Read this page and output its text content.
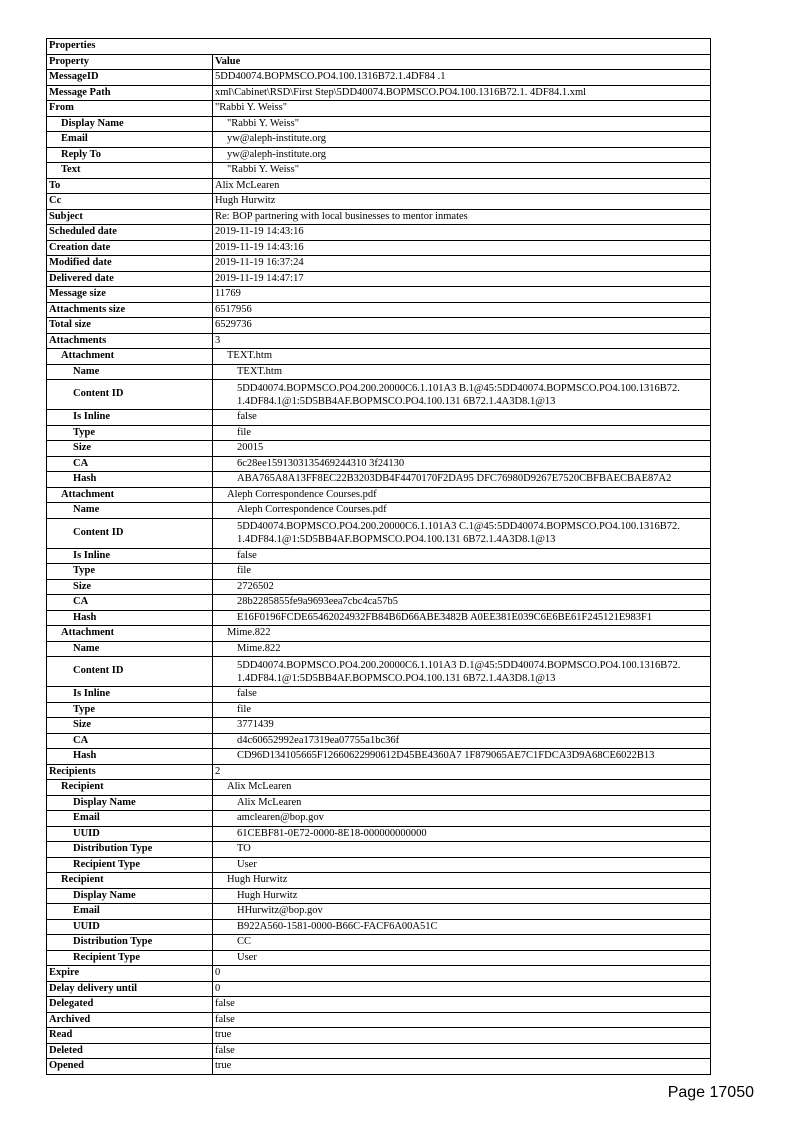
Properties	
Property	Value
MessageID	5DD40074.BOPMSCO.PO4.100.1316B72.1.4DF84 .1
Message Path	xml\Cabinet\RSD\First Step\5DD40074.BOPMSCO.PO4.100.1316B72.1. 4DF84.1.xml
From	"Rabbi Y. Weiss"
Display Name	"Rabbi Y. Weiss"
Email	yw@aleph-institute.org
Reply To	yw@aleph-institute.org
Text	"Rabbi Y. Weiss"
To	Alix McLearen
Cc	Hugh Hurwitz
Subject	Re: BOP partnering with local businesses to mentor inmates
Scheduled date	2019-11-19 14:43:16
Creation date	2019-11-19 14:43:16
Modified date	2019-11-19 16:37:24
Delivered date	2019-11-19 14:47:17
Message size	11769
Attachments size	6517956
Total size	6529736
Attachments	3
Attachment	TEXT.htm
Name	TEXT.htm
Content ID	5DD40074.BOPMSCO.PO4.200.20000C6.1.101A3 B.1@45:5DD40074.BOPMSCO.PO4.100.1316B72. 1.4DF84.1@1:5D5BB4AF.BOPMSCO.PO4.100.131 6B72.1.4A3D8.1@13
Is Inline	false
Type	file
Size	20015
CA	6c28ee1591303135469244310 3f24130
Hash	ABA765A8A13FF8EC22B3203DB4F4470170F2DA95 DFC76980D9267E7520CBFBAECBAE87A2
Attachment	Aleph Correspondence Courses.pdf
Name	Aleph Correspondence Courses.pdf
Content ID	5DD40074.BOPMSCO.PO4.200.20000C6.1.101A3 C.1@45:5DD40074.BOPMSCO.PO4.100.1316B72. 1.4DF84.1@1:5D5BB4AF.BOPMSCO.PO4.100.131 6B72.1.4A3D8.1@13
Is Inline	false
Type	file
Size	2726502
CA	28b2285855fe9a9693eea7cbc4ca57b5
Hash	E16F0196FCDE65462024932FB84B6D66ABE3482B A0EE381E039C6E6BE61F245121E983F1
Attachment	Mime.822
Name	Mime.822
Content ID	5DD40074.BOPMSCO.PO4.200.20000C6.1.101A3 D.1@45:5DD40074.BOPMSCO.PO4.100.1316B72. 1.4DF84.1@1:5D5BB4AF.BOPMSCO.PO4.100.131 6B72.1.4A3D8.1@13
Is Inline	false
Type	file
Size	3771439
CA	d4c60652992ea17319ea07755a1bc36f
Hash	CD96D134105665F12660622990612D45BE4360A7 1F879065AE7C1FDCA3D9A68CE6022B13
Recipients	2
Recipient	Alix McLearen
Display Name	Alix McLearen
Email	amclearen@bop.gov
UUID	61CEBF81-0E72-0000-8E18-000000000000
Distribution Type	TO
Recipient Type	User
Recipient	Hugh Hurwitz
Display Name	Hugh Hurwitz
Email	HHurwitz@bop.gov
UUID	B922A560-1581-0000-B66C-FACF6A00A51C
Distribution Type	CC
Recipient Type	User
Expire	0
Delay delivery until	0
Delegated	false
Archived	false
Read	true
Deleted	false
Opened	true
Page 17050
